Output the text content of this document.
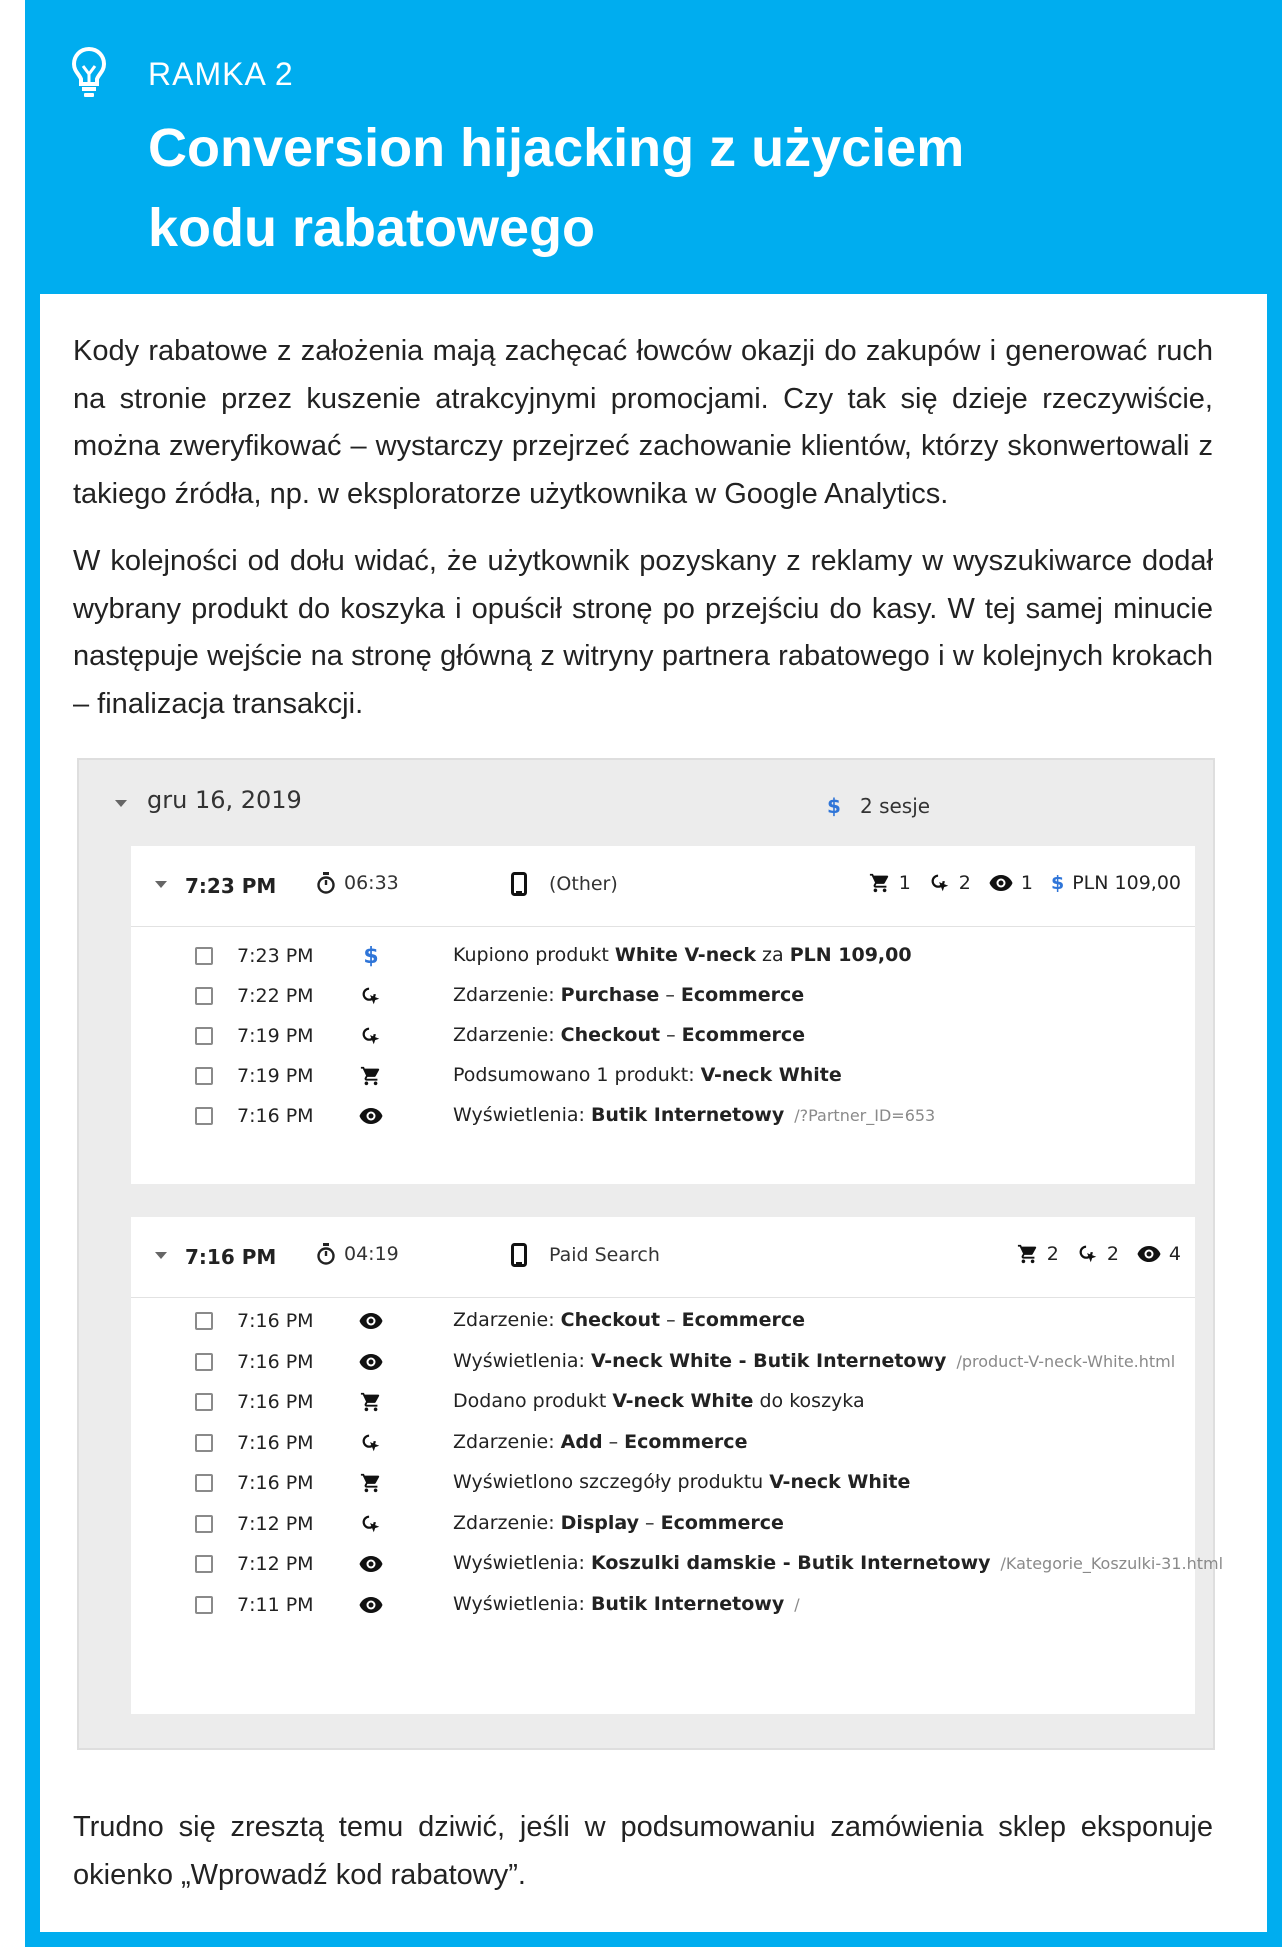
RAMKA 2
Conversion hijacking z użyciem
kodu rabatowego
Kody rabatowe z założenia mają zachęcać łowców okazji do zakupów i generować ruch na stronie przez kuszenie atrakcyjnymi promocjami. Czy tak się dzieje rzeczywiście, można zweryfikować – wystarczy przejrzeć zachowanie klientów, którzy skonwertowali z takiego źródła, np. w eksploratorze użytkownika w Google Analytics.
W kolejności od dołu widać, że użytkownik pozyskany z reklamy w wyszukiwarce dodał wybrany produkt do koszyka i opuścił stronę po przejściu do kasy. W tej samej minucie następuje wejście na stronę główną z witryny partnera rabatowego i w kolejnych krokach – finalizacja transakcji.
gru 16, 2019	$ 2 sesje
7:23 PM	06:33	(Other)	1	2	1 $ PLN 109,00
7:23 PM $	Kupiono produkt White V-neck za PLN 109,00
7:22 PM	Zdarzenie: Purchase – Ecommerce
7:19 PM	Zdarzenie: Checkout – Ecommerce
7:19 PM	Podsumowano 1 produkt: V-neck White
7:16 PM	Wyświetlenia: Butik Internetowy /?Partner_ID=653
7:16 PM	04:19	Paid Search	2	2	4
7:16 PM	Zdarzenie: Checkout – Ecommerce
7:16 PM	Wyświetlenia: V-neck White - Butik Internetowy /product-V-neck-White.html
7:16 PM	Dodano produkt V-neck White do koszyka
7:16 PM	Zdarzenie: Add – Ecommerce
7:16 PM	Wyświetlono szczegóły produktu V-neck White
7:12 PM	Zdarzenie: Display – Ecommerce
7:12 PM	Wyświetlenia: Koszulki damskie - Butik Internetowy /Kategorie_Koszulki-31.html
7:11 PM	Wyświetlenia: Butik Internetowy /
Trudno się zresztą temu dziwić, jeśli w podsumowaniu zamówienia sklep eksponuje okienko „Wprowadź kod rabatowy”.
